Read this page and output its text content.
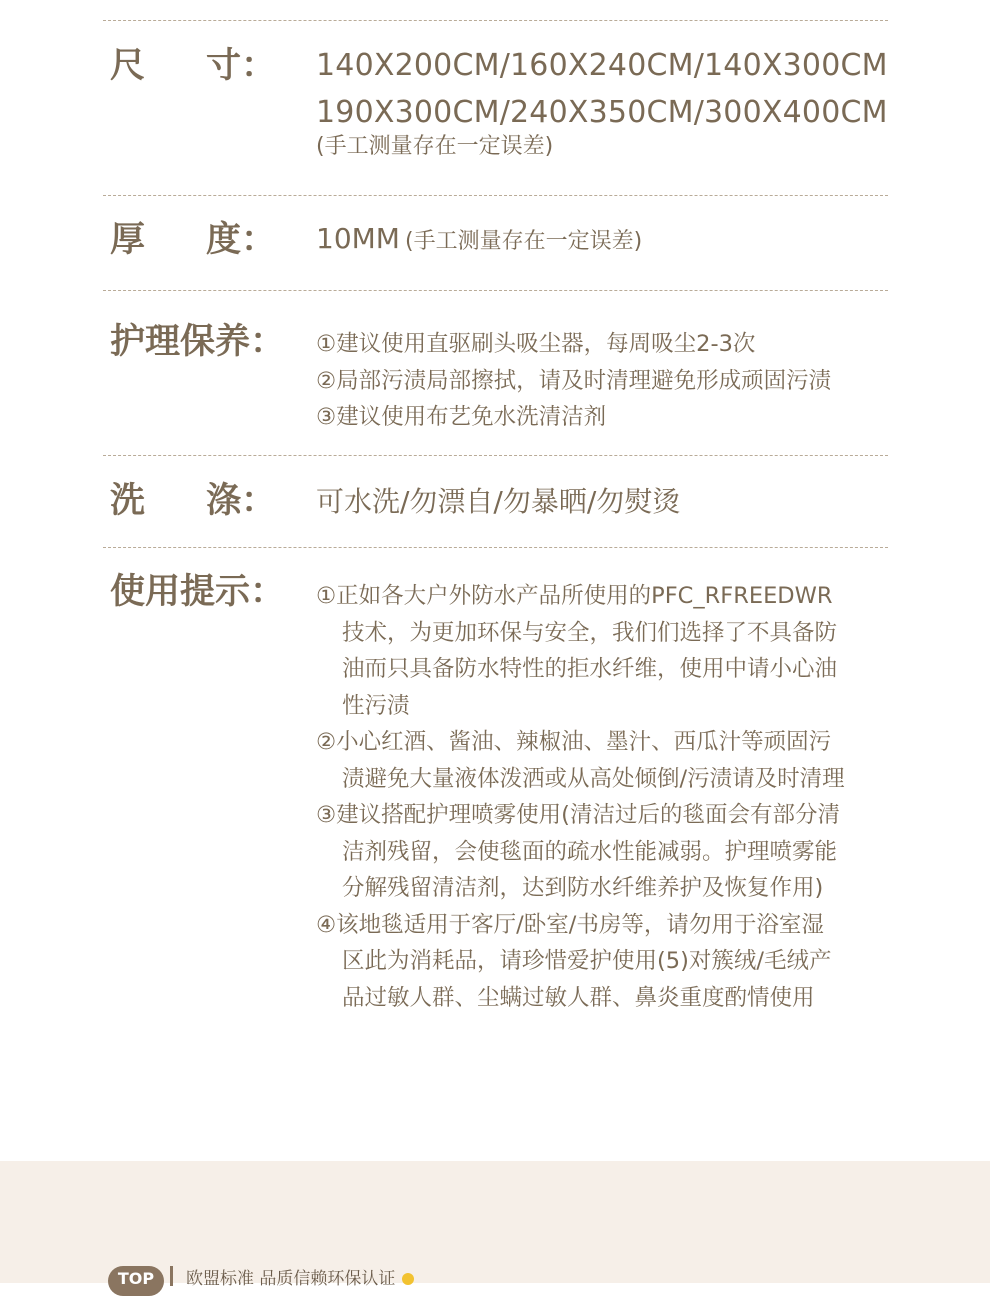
尺 寸： 140X200CM/160X240CM/140X300CM
190X300CM/240X350CM/300X400CM
(手工测量存在一定误差)
厚 度： 10MM (手工测量存在一定误差)
护理保养： ①建议使用直驱刷头吸尘器，每周吸尘2-3次
②局部污渍局部擦拭，请及时清理避免形成顽固污渍
③建议使用布艺免水洗清洁剂
洗 涤： 可水洗/勿漂自/勿暴晒/勿熨烫
使用提示： ①正如各大户外防水产品所使用的PFC_RFREEDWR
技术，为更加环保与安全，我们们选择了不具备防
油而只具备防水特性的拒水纤维，使用中请小心油
性污渍
②小心红酒、酱油、辣椒油、墨汁、西瓜汁等顽固污
渍避免大量液体泼洒或从高处倾倒/污渍请及时清理
③建议搭配护理喷雾使用(清洁过后的毯面会有部分清
洁剂残留，会使毯面的疏水性能减弱。护理喷雾能
分解残留清洁剂，达到防水纤维养护及恢复作用)
④该地毯适用于客厅/卧室/书房等，请勿用于浴室湿
区此为消耗品，请珍惜爱护使用(5)对簇绒/毛绒产
品过敏人群、尘螨过敏人群、鼻炎重度酌情使用
TOP	欧盟标准 品质信赖环保认证
